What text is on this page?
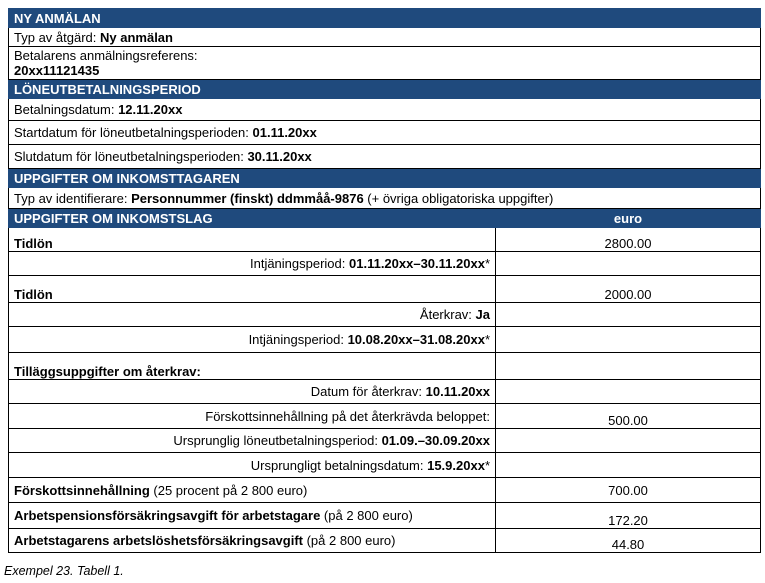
NY ANMÄLAN	
Typ av åtgärd: Ny anmälan	

Betalarens anmälningsreferens:
20xx11121435	

LÖNEUTBETALNINGSPERIOD	
Betalningsdatum: 12.11.20xx	
Startdatum för löneutbetalningsperioden: 01.11.20xx	
Slutdatum för löneutbetalningsperioden: 30.11.20xx	
UPPGIFTER OM INKOMSTTAGAREN	
Typ av identifierare: Personnummer (finskt) ddmmåå-9876 (+ övriga obligatoriska uppgifter)	
UPPGIFTER OM INKOMSTSLAG	euro
Tidlön	2800.00
Intjäningsperiod: 01.11.20xx–30.11.20xx*	
Tidlön	2000.00
Återkrav: Ja	
Intjäningsperiod: 10.08.20xx–31.08.20xx*	
Tilläggsuppgifter om återkrav:	
Datum för återkrav: 10.11.20xx	
Förskottsinnehållning på det återkrävda beloppet:	500.00
Ursprunglig löneutbetalningsperiod: 01.09.–30.09.20xx	
Ursprungligt betalningsdatum: 15.9.20xx*	
Förskottsinnehållning (25 procent på 2 800 euro)	700.00
Arbetspensionsförsäkringsavgift för arbetstagare (på 2 800 euro)	172.20
Arbetstagarens arbetslöshetsförsäkringsavgift (på 2 800 euro)	44.80
Exempel 23. Tabell 1.
